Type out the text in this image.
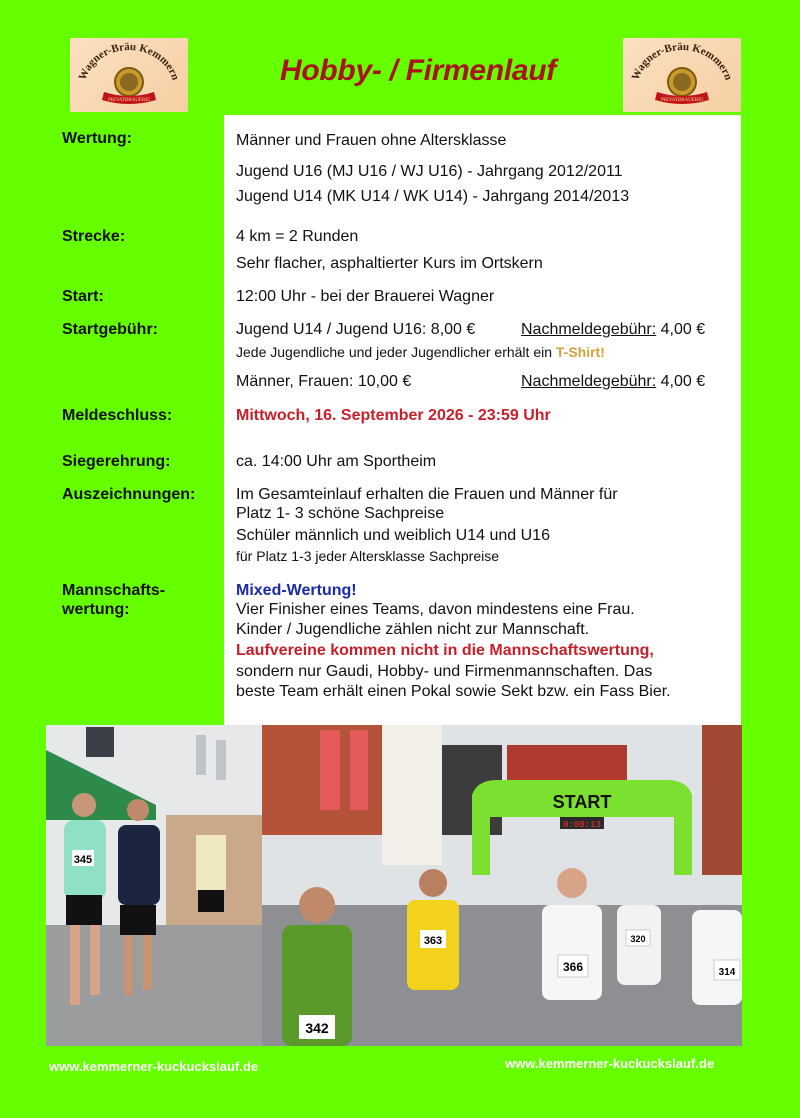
Wagner-Bräu Kemmern
PRIVATBRAUEREI
Hobby- / Firmenlauf	Wagner-Bräu Kemmern
PRIVATBRAUEREI
Wertung:	Männer und Frauen ohne Altersklasse
Jugend U16 (MJ U16 / WJ U16) - Jahrgang 2012/2011
Jugend U14 (MK U14 / WK U14) - Jahrgang 2014/2013
Strecke:	4 km = 2 Runden
Sehr flacher, asphaltierter Kurs im Ortskern
Start:	12:00 Uhr - bei der Brauerei Wagner
Startgebühr:	Jugend U14 / Jugend U16: 8,00 €	Nachmeldegebühr: 4,00 €
Jede Jugendliche und jeder Jugendlicher erhält ein T-Shirt!
Männer, Frauen: 10,00 €	Nachmeldegebühr: 4,00 €
Meldeschluss:	Mittwoch, 16. September 2026 - 23:59 Uhr
Siegerehrung:	ca. 14:00 Uhr am Sportheim
Auszeichnungen:	Im Gesamteinlauf erhalten die Frauen und Männer für
Platz 1- 3 schöne Sachpreise
Schüler männlich und weiblich U14 und U16
für Platz 1-3 jeder Altersklasse Sachpreise
Mannschafts-
wertung:
Mixed-Wertung!
Vier Finisher eines Teams, davon mindestens eine Frau.
Kinder / Jugendliche zählen nicht zur Mannschaft.
Laufvereine kommen nicht in die Mannschaftswertung,
sondern nur Gaudi, Hobby- und Firmenmannschaften. Das
beste Team erhält einen Pokal sowie Sekt bzw. ein Fass Bier.
345
START
0:00:13
342
363
366
320
314
www.kemmerner-kuckuckslauf.de	www.kemmerner-kuckuckslauf.de
